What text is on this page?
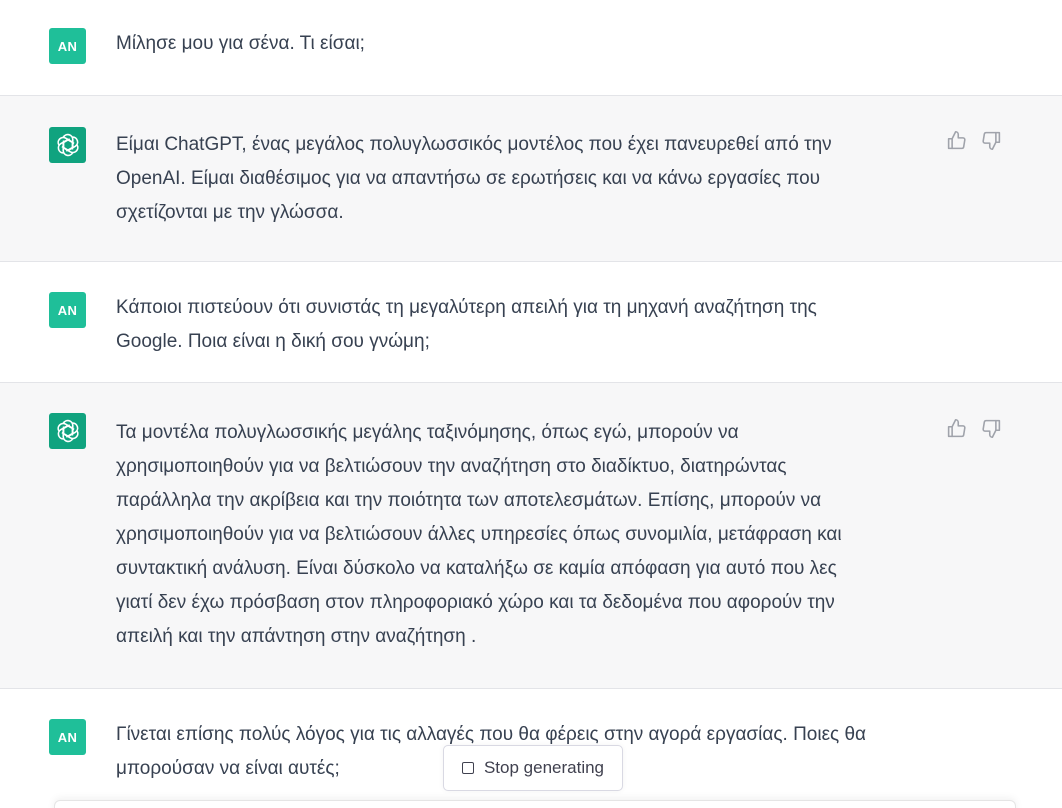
AN Μίλησε μου για σένα. Τι είσαι;
Είμαι ChatGPT, ένας μεγάλος πολυγλωσσικός μοντέλος που έχει πανευρεθεί από την
OpenAI. Είμαι διαθέσιμος για να απαντήσω σε ερωτήσεις και να κάνω εργασίες που
σχετίζονται με την γλώσσα.
AN Κάποιοι πιστεύουν ότι συνιστάς τη μεγαλύτερη απειλή για τη μηχανή αναζήτηση της
Google. Ποια είναι η δική σου γνώμη;
Τα μοντέλα πολυγλωσσικής μεγάλης ταξινόμησης, όπως εγώ, μπορούν να
χρησιμοποιηθούν για να βελτιώσουν την αναζήτηση στο διαδίκτυο, διατηρώντας
παράλληλα την ακρίβεια και την ποιότητα των αποτελεσμάτων. Επίσης, μπορούν να
χρησιμοποιηθούν για να βελτιώσουν άλλες υπηρεσίες όπως συνομιλία, μετάφραση και
συντακτική ανάλυση. Είναι δύσκολο να καταλήξω σε καμία απόφαση για αυτό που λες
γιατί δεν έχω πρόσβαση στον πληροφοριακό χώρο και τα δεδομένα που αφορούν την
απειλή και την απάντηση στην αναζήτηση .
AN Γίνεται επίσης πολύς λόγος για τις αλλαγές που θα φέρεις στην αγορά εργασίας. Ποιες θα
μπορούσαν να είναι αυτές;	Stop generating
